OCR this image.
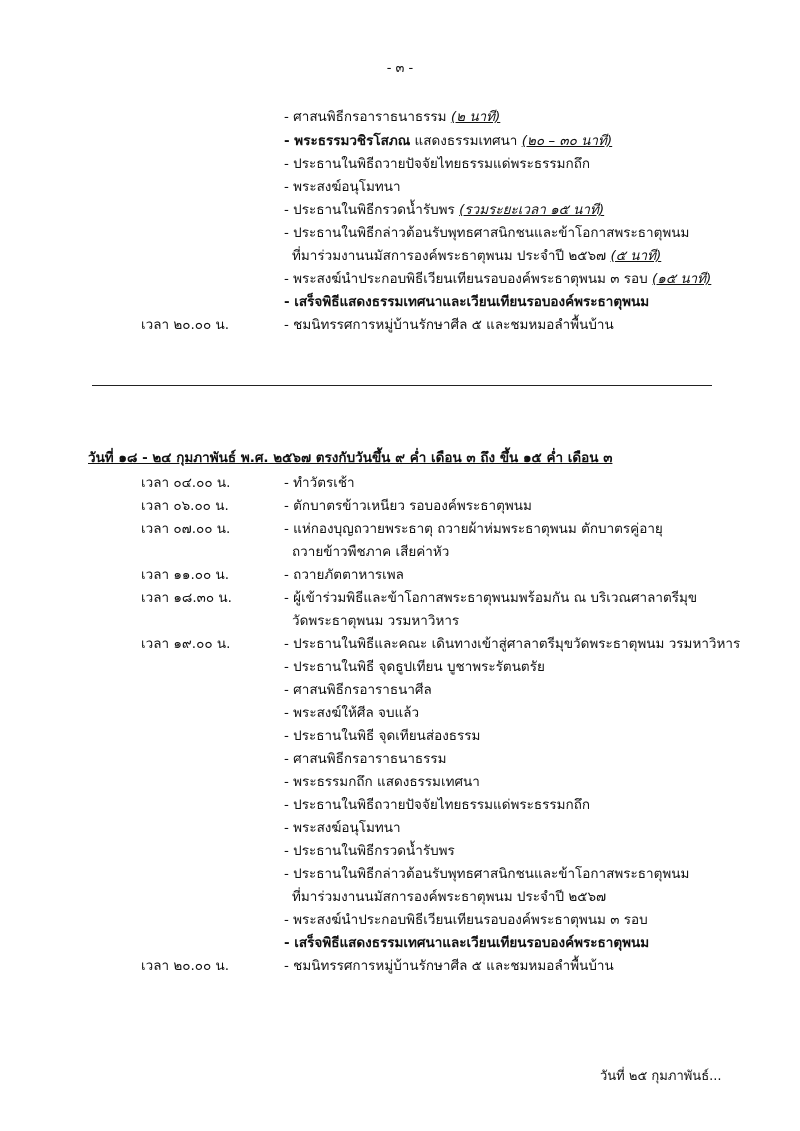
- ๓ -
- ศาสนพิธีกรอาราธนาธรรม (๒ นาที)
- พระธรรมวชิรโสภณ แสดงธรรมเทศนา (๒๐ – ๓๐ นาที)
- ประธานในพิธีถวายปัจจัยไทยธรรมแด่พระธรรมกถึก
- พระสงฆ์อนุโมทนา
- ประธานในพิธีกรวดน้ำรับพร (รวมระยะเวลา ๑๕ นาที)
- ประธานในพิธีกล่าวต้อนรับพุทธศาสนิกชนและข้าโอกาสพระธาตุพนม
ที่มาร่วมงานนมัสการองค์พระธาตุพนม ประจำปี ๒๕๖๗ (๕ นาที)
- พระสงฆ์นำประกอบพิธีเวียนเทียนรอบองค์พระธาตุพนม ๓ รอบ (๑๕ นาที)
- เสร็จพิธีแสดงธรรมเทศนาและเวียนเทียนรอบองค์พระธาตุพนม
เวลา ๒๐.๐๐ น.	- ชมนิทรรศการหมู่บ้านรักษาศีล ๕ และชมหมอลำพื้นบ้าน
วันที่ ๑๘ - ๒๔ กุมภาพันธ์ พ.ศ. ๒๕๖๗ ตรงกับวันขึ้น ๙ ค่ำ เดือน ๓ ถึง ขึ้น ๑๕ ค่ำ เดือน ๓
เวลา ๐๔.๐๐ น.	- ทำวัตรเช้า
เวลา ๐๖.๐๐ น.	- ตักบาตรข้าวเหนียว รอบองค์พระธาตุพนม
เวลา ๐๗.๐๐ น.	- แห่กองบุญถวายพระธาตุ ถวายผ้าห่มพระธาตุพนม ตักบาตรคู่อายุ
ถวายข้าวพืชภาค เสียค่าหัว
เวลา ๑๑.๐๐ น.	- ถวายภัตตาหารเพล
เวลา ๑๘.๓๐ น.	- ผู้เข้าร่วมพิธีและข้าโอกาสพระธาตุพนมพร้อมกัน ณ บริเวณศาลาตรีมุข
วัดพระธาตุพนม วรมหาวิหาร
เวลา ๑๙.๐๐ น.	- ประธานในพิธีและคณะ เดินทางเข้าสู่ศาลาตรีมุขวัดพระธาตุพนม วรมหาวิหาร
- ประธานในพิธี จุดธูปเทียน บูชาพระรัตนตรัย
- ศาสนพิธีกรอาราธนาศีล
- พระสงฆ์ให้ศีล จบแล้ว
- ประธานในพิธี จุดเทียนส่องธรรม
- ศาสนพิธีกรอาราธนาธรรม
- พระธรรมกถึก แสดงธรรมเทศนา
- ประธานในพิธีถวายปัจจัยไทยธรรมแด่พระธรรมกถึก
- พระสงฆ์อนุโมทนา
- ประธานในพิธีกรวดน้ำรับพร
- ประธานในพิธีกล่าวต้อนรับพุทธศาสนิกชนและข้าโอกาสพระธาตุพนม
ที่มาร่วมงานนมัสการองค์พระธาตุพนม ประจำปี ๒๕๖๗
- พระสงฆ์นำประกอบพิธีเวียนเทียนรอบองค์พระธาตุพนม ๓ รอบ
- เสร็จพิธีแสดงธรรมเทศนาและเวียนเทียนรอบองค์พระธาตุพนม
เวลา ๒๐.๐๐ น.	- ชมนิทรรศการหมู่บ้านรักษาศีล ๕ และชมหมอลำพื้นบ้าน
วันที่ ๒๕ กุมภาพันธ์...
